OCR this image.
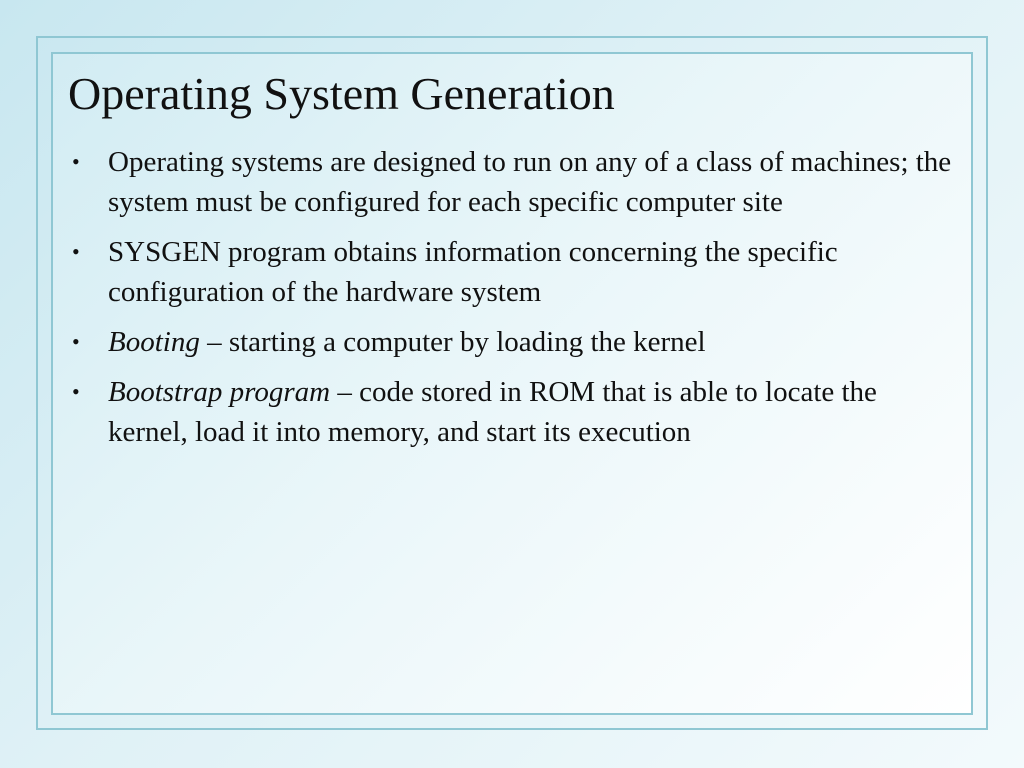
Operating System Generation
• Operating systems are designed to run on any of a class of machines; the system must be configured for each specific computer site
• SYSGEN program obtains information concerning the specific configuration of the hardware system
• Booting – starting a computer by loading the kernel
• Bootstrap program – code stored in ROM that is able to locate the kernel, load it into memory, and start its execution
